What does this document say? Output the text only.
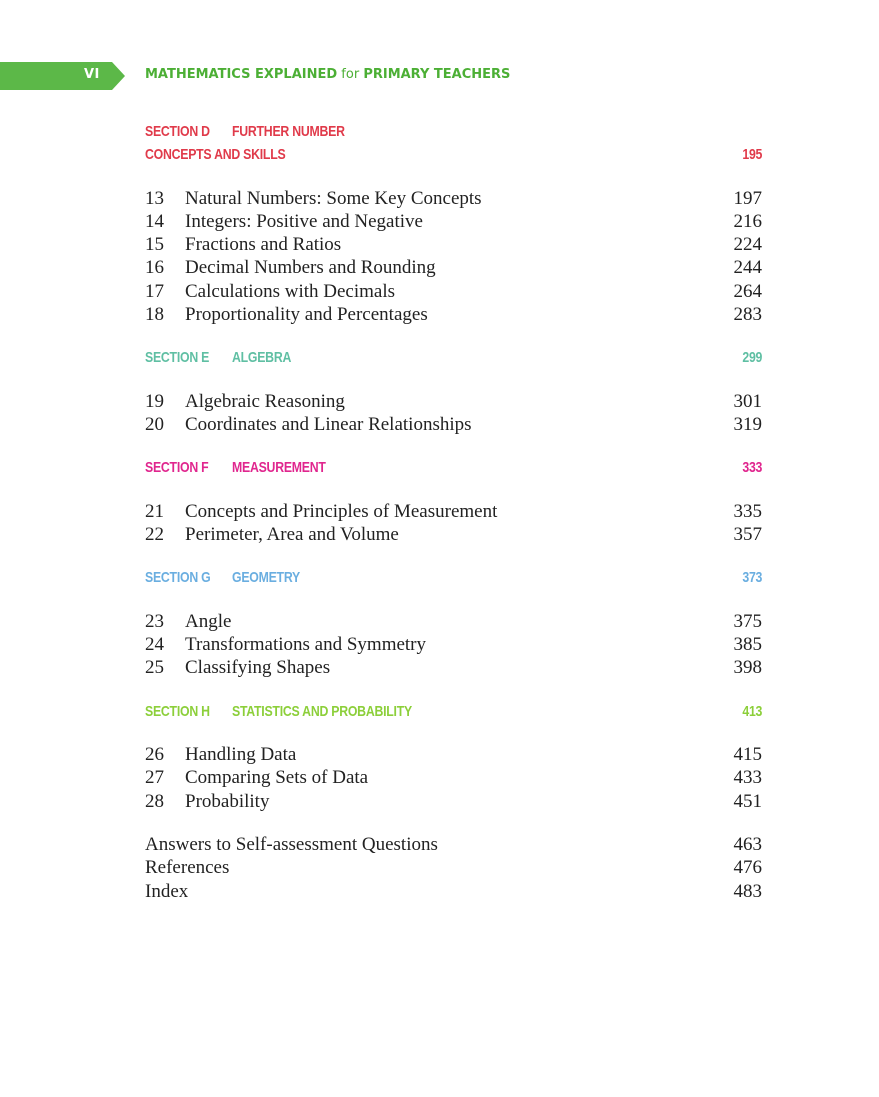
VI	MATHEMATICS EXPLAINED for PRIMARY TEACHERS
SECTION D FURTHER NUMBER
CONCEPTS AND SKILLS	195
13	Natural Numbers: Some Key Concepts	197
14	Integers: Positive and Negative	216
15	Fractions and Ratios	224
16	Decimal Numbers and Rounding	244
17	Calculations with Decimals	264
18	Proportionality and Percentages	283
SECTION E ALGEBRA	299
19	Algebraic Reasoning	301
20	Coordinates and Linear Relationships	319
SECTION F MEASUREMENT	333
21	Concepts and Principles of Measurement	335
22	Perimeter, Area and Volume	357
SECTION G GEOMETRY	373
23	Angle	375
24	Transformations and Symmetry	385
25	Classifying Shapes	398
SECTION H STATISTICS AND PROBABILITY	413
26	Handling Data	415
27	Comparing Sets of Data	433
28	Probability	451
Answers to Self-assessment Questions	463
References	476
Index	483
